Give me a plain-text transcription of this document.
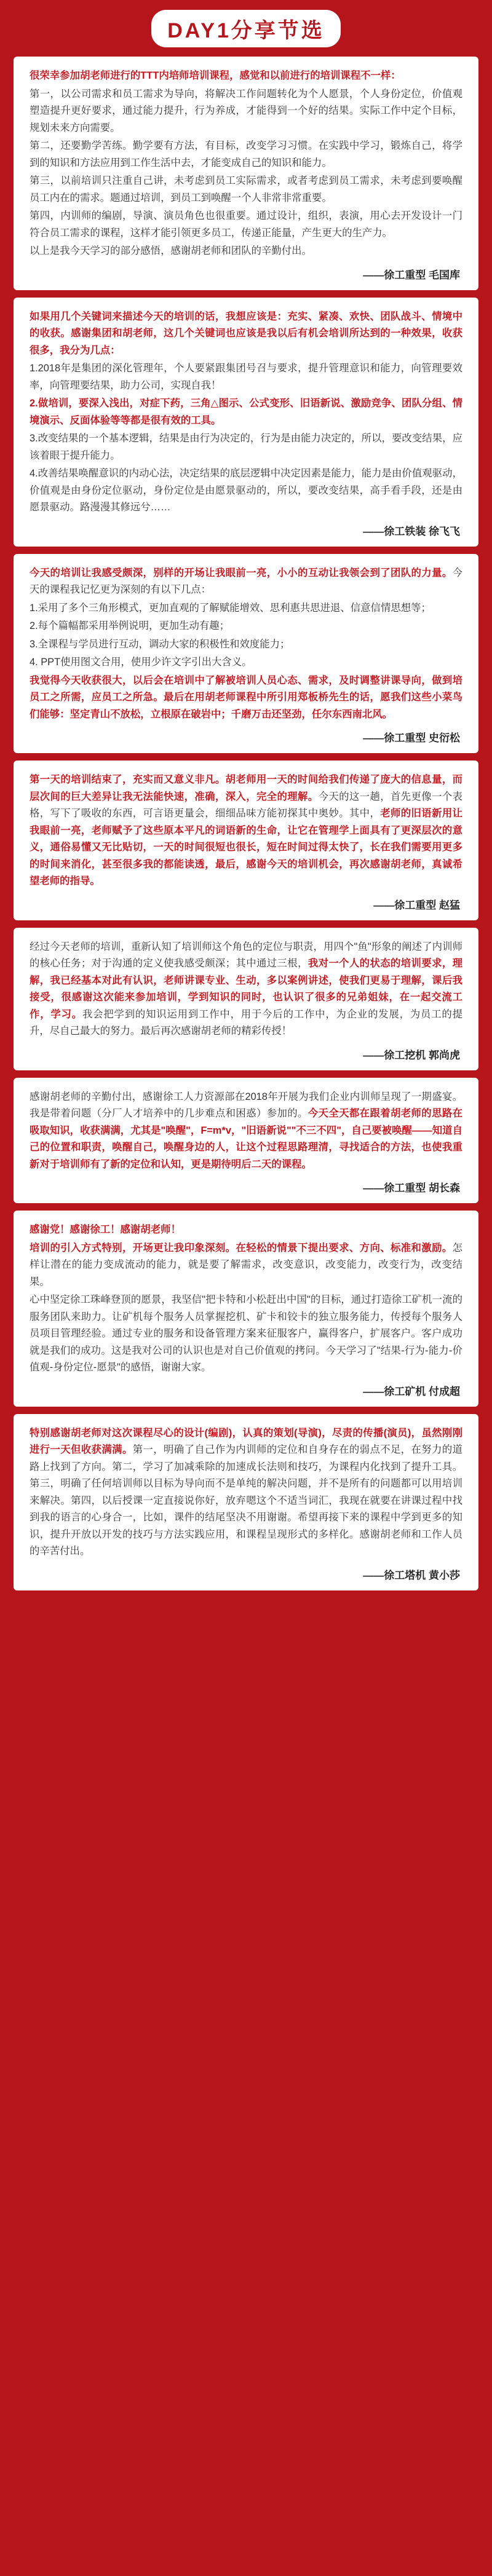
DAY1分享节选

很荣幸参加胡老师进行的TTT内培师培训课程，感觉和以前进行的培训课程不一样：

第一，以公司需求和员工需求为导向，将解决工作问题转化为个人愿景，个人身份定位，价值观塑造提升更好要求，通过能力提升，行为养成，才能得到一个好的结果。实际工作中定个目标，规划未来方向需要。

第二，还要勤学苦练。勤学要有方法，有目标，改变学习习惯。在实践中学习，锻炼自己，将学到的知识和方法应用到工作生活中去，才能变成自己的知识和能力。

第三，以前培训只注重自己讲，未考虑到员工实际需求，或者考虑到员工需求，未考虑到要唤醒员工内在的需求。题通过培训，到员工到唤醒一个人非常非常重要。

第四，内训师的编剧，导演、演员角色也很重要。通过设计，组织，表演，用心去开发设计一门符合员工需求的课程，这样才能引领更多员工，传递正能量，产生更大的生产力。

以上是我今天学习的部分感悟，感谢胡老师和团队的辛勤付出。

——徐工重型 毛国库

如果用几个关键词来描述今天的培训的话，我想应该是：充实、紧凑、欢快、团队战斗、情境中的收获。感谢集团和胡老师，这几个关键词也应该是我以后有机会培训所达到的一种效果，收获很多，我分为几点：

1.2018年是集团的深化管理年，个人要紧跟集团号召与要求，提升管理意识和能力，向管理要效率，向管理要结果，助力公司，实现自我！

2.做培训，要深入浅出，对症下药，三角△图示、公式变形、旧语新说、激励竞争、团队分组、情境演示、反面体验等等都是很有效的工具。

3.改变结果的一个基本逻辑，结果是由行为决定的，行为是由能力决定的，所以，要改变结果，应该着眼于提升能力。

4.改善结果唤醒意识的内动心法，决定结果的底层逻辑中决定因素是能力，能力是由价值观驱动，价值观是由身份定位驱动，身份定位是由愿景驱动的，所以，要改变结果，高手看手段，还是由愿景驱动。路漫漫其修远兮……

——徐工铁装 徐飞飞

今天的培训让我感受颇深，别样的开场让我眼前一亮，小小的互动让我领会到了团队的力量。今天的课程我记忆更为深刻的有以下几点：

1.采用了多个三角形模式，更加直观的了解赋能增效、思利惠共思进退、信意信情思想等；

2.每个篇幅都采用举例说明，更加生动有趣；

3.全课程与学员进行互动，调动大家的积极性和效度能力；

4. PPT使用图文合用，使用少许文字引出大含义。

我觉得今天收获很大，以后会在培训中了解被培训人员心态、需求，及时调整讲课导向，做到培员工之所需，应员工之所急。最后在用胡老师课程中所引用郑板桥先生的话，愿我们这些小菜鸟们能够：坚定青山不放松，立根原在破岩中；千磨万击还坚劲，任尔东西南北风。

——徐工重型 史衍松

第一天的培训结束了，充实而又意义非凡。胡老师用一天的时间给我们传递了庞大的信息量，而层次间的巨大差异让我无法能快速，准确，深入，完全的理解。今天的这一趟，首先更像一个表格，写下了吸收的东西，可言语更量会，细细品味方能初探其中奥妙。其中，老师的旧语新用让我眼前一亮，老师赋予了这些原本平凡的词语新的生命，让它在管理学上面具有了更深层次的意义，通俗易懂又无比贴切，一天的时间很短也很长，短在时间过得太快了，长在我们需要用更多的时间来消化，甚至很多我的都能读透，最后，感谢今天的培训机会，再次感谢胡老师，真诚希望老师的指导。

——徐工重型 赵猛

经过今天老师的培训，重新认知了培训师这个角色的定位与职责，用四个"鱼"形象的阐述了内训师的核心任务；对于沟通的定义使我感受颇深；其中通过三根，我对一个人的状态的培训要求，理解，我已经基本对此有认识，老师讲课专业、生动，多以案例讲述，使我们更易于理解，课后我接受，很感谢这次能来参加培训，学到知识的同时，也认识了很多的兄弟姐妹，在一起交流工作，学习。我会把学到的知识运用到工作中，用于今后的工作中，为企业的发展，为员工的提升，尽自己最大的努力。最后再次感谢胡老师的精彩传授！

——徐工挖机 郭尚虎

感谢胡老师的辛勤付出，感谢徐工人力资源部在2018年开展为我们企业内训师呈现了一期盛宴。我是带着问题（分厂人才培养中的几步难点和困惑）参加的。今天全天都在跟着胡老师的思路在吸取知识，收获满满，尤其是"唤醒"，F=m*v，"旧语新说""不三不四"，自己要被唤醒——知道自己的位置和职责，唤醒自己，唤醒身边的人，让这个过程思路理清，寻找适合的方法，也使我重新对于培训师有了新的定位和认知，更是期待明后二天的课程。

——徐工重型 胡长森

感谢党！感谢徐工！感谢胡老师！

培训的引入方式特别，开场更让我印象深刻。在轻松的情景下提出要求、方向、标准和激励。怎样让潜在的能力变成流动的能力，就是要了解需求，改变意识，改变能力，改变行为，改变结果。

心中坚定徐工珠峰登顶的愿景，我坚信"把卡特和小松赶出中国"的目标，通过打造徐工矿机一流的服务团队来助力。让矿机每个服务人员掌握挖机、矿卡和铰卡的独立服务能力，传授每个服务人员项目管理经验。通过专业的服务和设备管理方案来征服客户，赢得客户，扩展客户。客户成功就是我们的成功。这是我对公司的认识也是对自己价值观的拷问。今天学习了"结果-行为-能力-价值观-身份定位-愿景"的感悟，谢谢大家。

——徐工矿机 付成超

特别感谢胡老师对这次课程尽心的设计(编剧)，认真的策划(导演)，尽责的传播(演员)，虽然刚刚进行一天但收获满满。第一，明确了自己作为内训师的定位和自身存在的弱点不足，在努力的道路上找到了方向。第二，学习了加减乘除的加速成长法则和技巧，为课程内化找到了提升工具。第三，明确了任何培训师以目标为导向而不是单纯的解决问题，并不是所有的问题都可以用培训来解决。第四，以后授课一定直接说你好，放弃嗯这个不适当词汇，我现在就要在讲课过程中找到我的语言的心身合一，比如，课件的结尾坚决不用谢谢。希望再接下来的课程中学到更多的知识，提升开放以开发的技巧与方法实践应用，和课程呈现形式的多样化。感谢胡老师和工作人员的辛苦付出。

——徐工塔机 黄小莎
